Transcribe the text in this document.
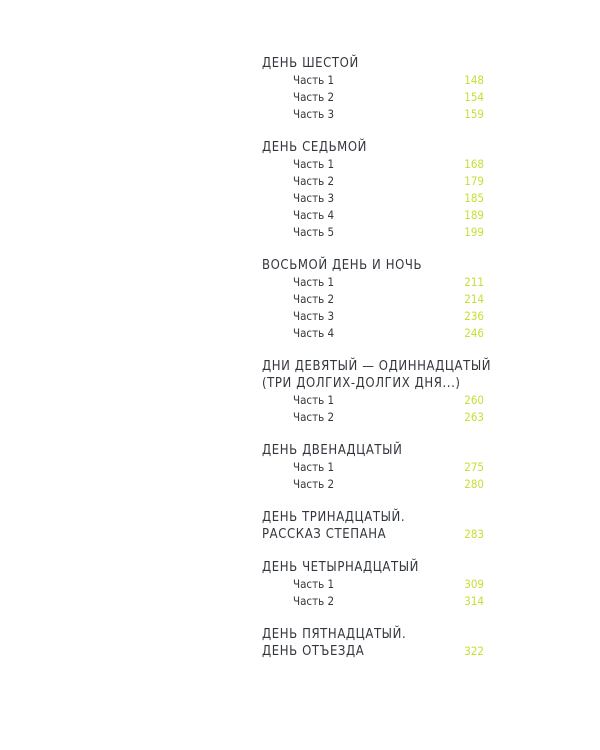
ДЕНЬ ШЕСТОЙ
Часть 1	148
Часть 2	154
Часть 3	159
ДЕНЬ СЕДЬМОЙ
Часть 1	168
Часть 2	179
Часть 3	185
Часть 4	189
Часть 5	199
ВОСЬМОЙ ДЕНЬ И НОЧЬ
Часть 1	211
Часть 2	214
Часть 3	236
Часть 4	246
ДНИ ДЕВЯТЫЙ — ОДИННАДЦАТЫЙ
(ТРИ ДОЛГИХ-ДОЛГИХ ДНЯ...)
Часть 1	260
Часть 2	263
ДЕНЬ ДВЕНАДЦАТЫЙ
Часть 1	275
Часть 2	280
ДЕНЬ ТРИНАДЦАТЫЙ.
РАССКАЗ СТЕПАНА	283
ДЕНЬ ЧЕТЫРНАДЦАТЫЙ
Часть 1	309
Часть 2	314
ДЕНЬ ПЯТНАДЦАТЫЙ.
ДЕНЬ ОТЪЕЗДА	322
